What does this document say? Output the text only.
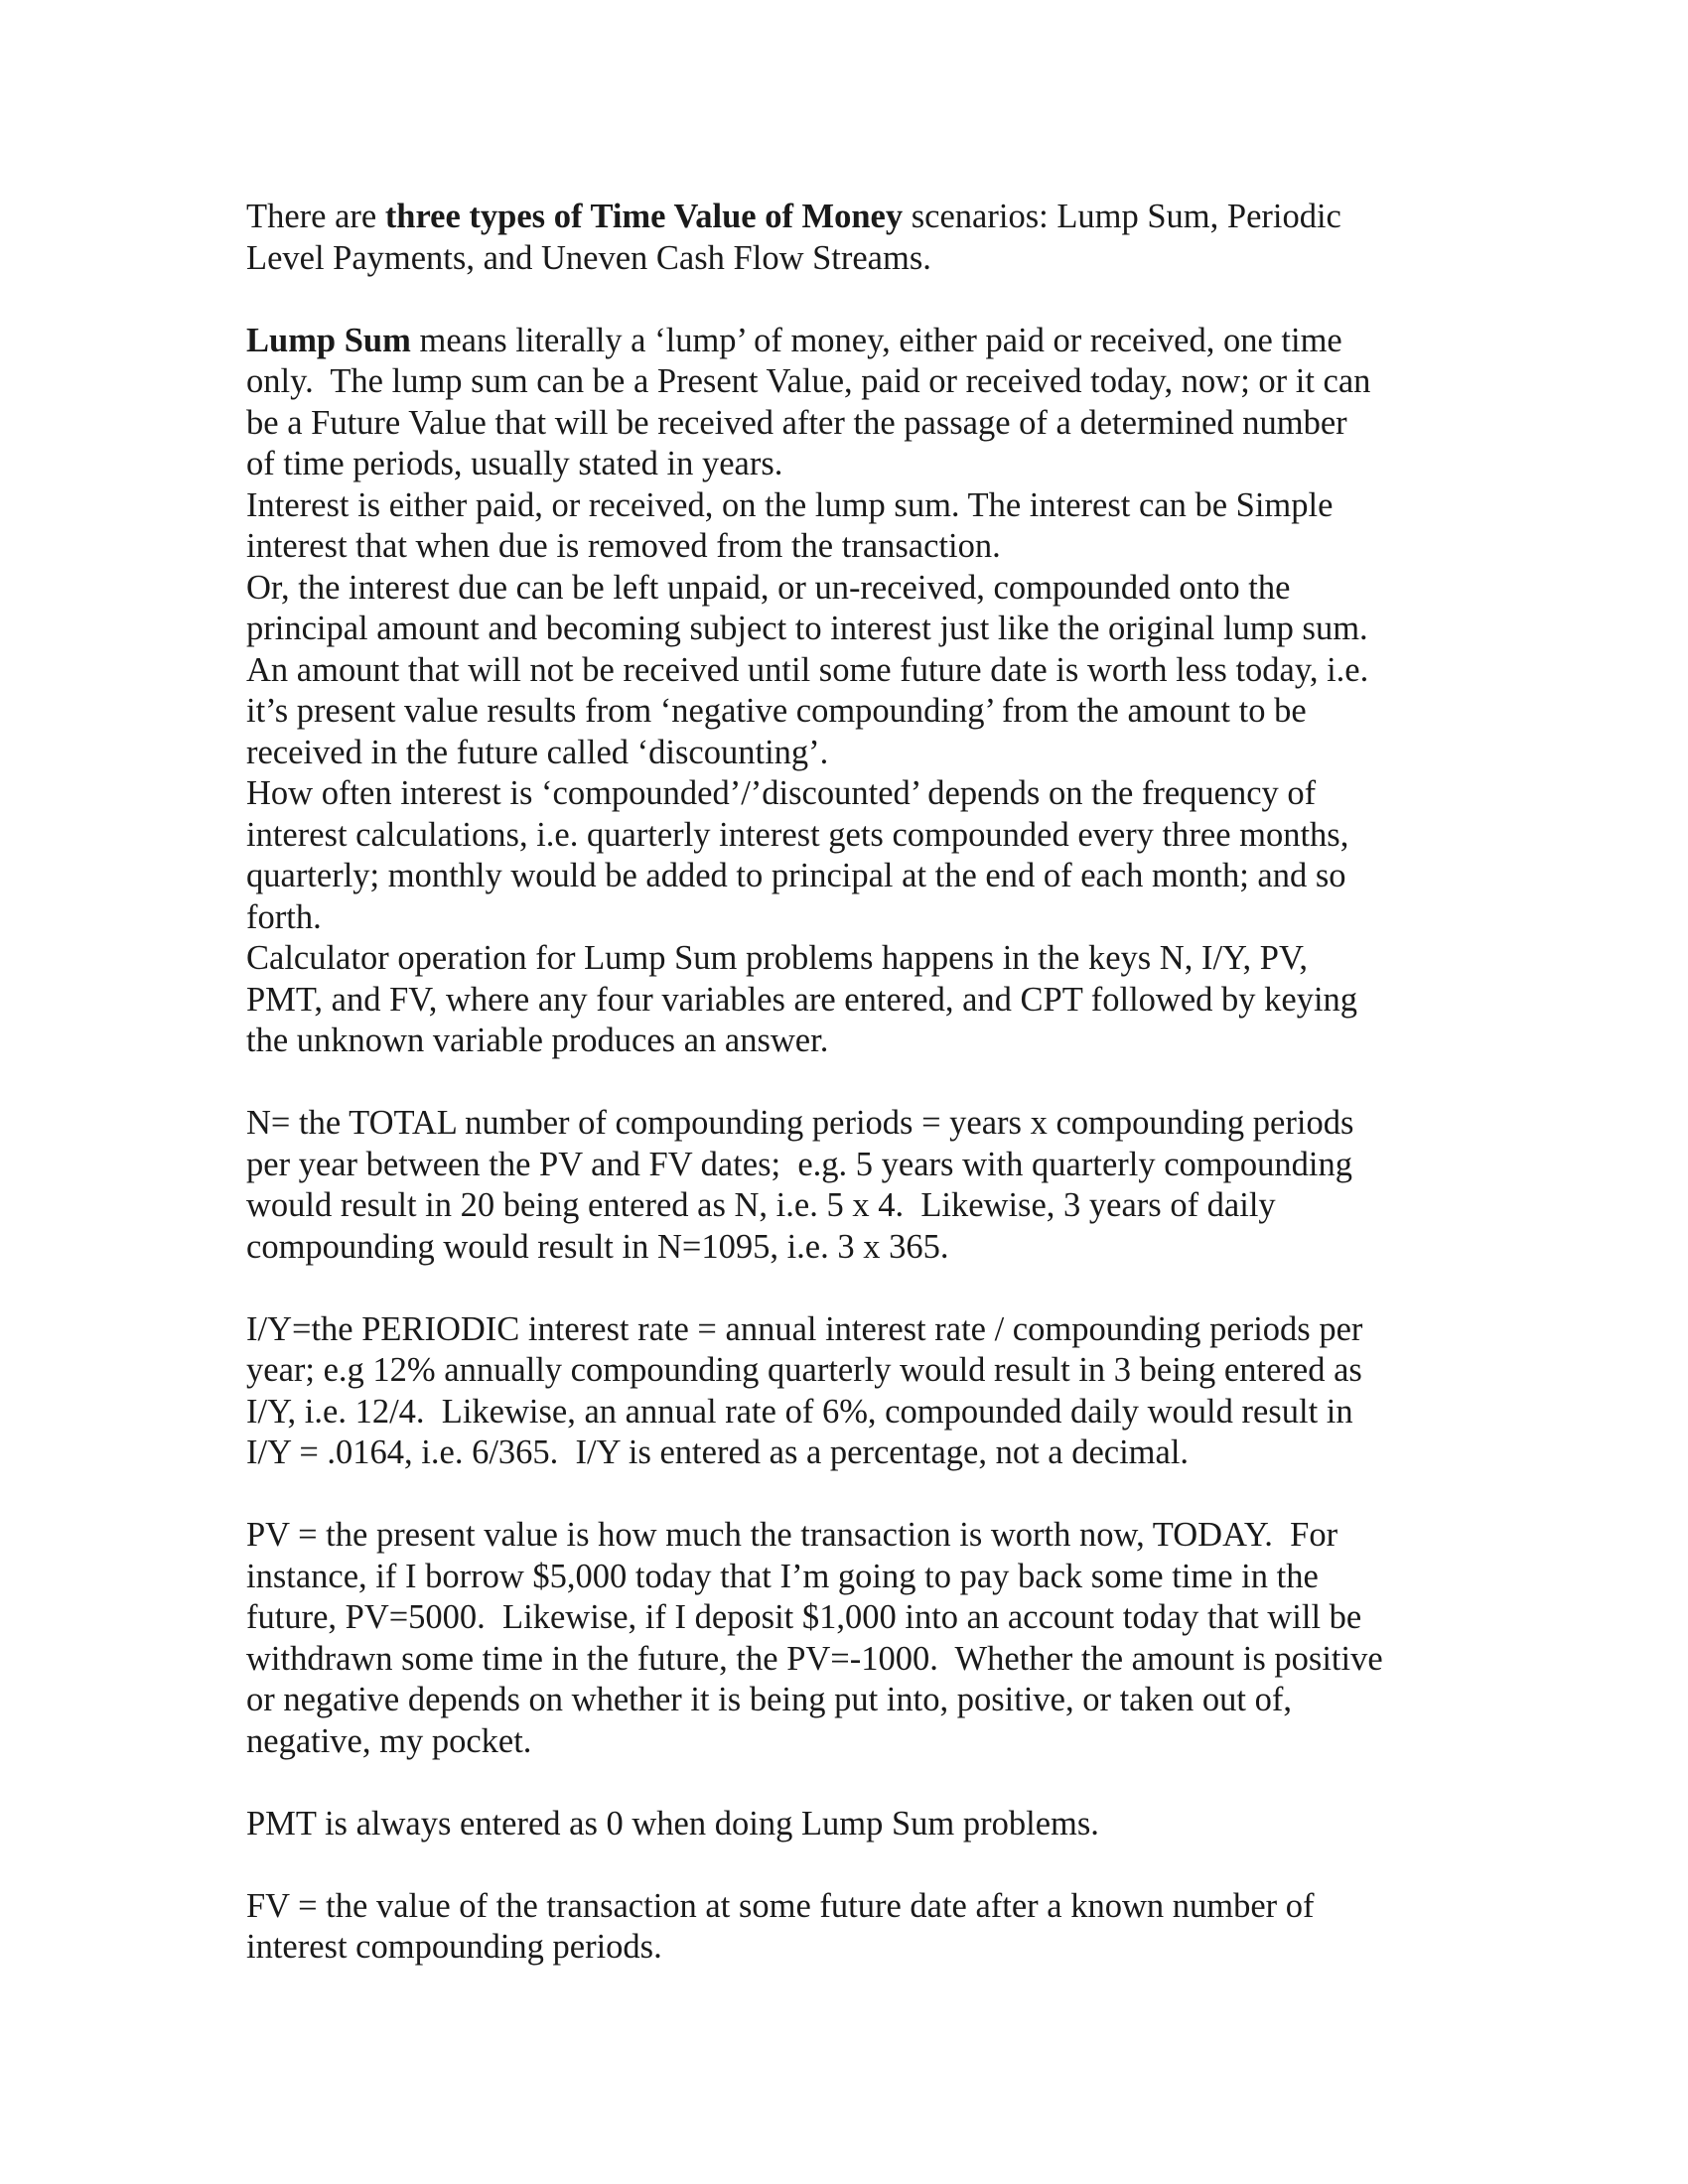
There are three types of Time Value of Money scenarios: Lump Sum, Periodic
Level Payments, and Uneven Cash Flow Streams.
Lump Sum means literally a ‘lump’ of money, either paid or received, one time
only.  The lump sum can be a Present Value, paid or received today, now; or it can
be a Future Value that will be received after the passage of a determined number
of time periods, usually stated in years.
Interest is either paid, or received, on the lump sum. The interest can be Simple
interest that when due is removed from the transaction.
Or, the interest due can be left unpaid, or un-received, compounded onto the
principal amount and becoming subject to interest just like the original lump sum.
An amount that will not be received until some future date is worth less today, i.e.
it’s present value results from ‘negative compounding’ from the amount to be
received in the future called ‘discounting’.
How often interest is ‘compounded’/’discounted’ depends on the frequency of
interest calculations, i.e. quarterly interest gets compounded every three months,
quarterly; monthly would be added to principal at the end of each month; and so
forth.
Calculator operation for Lump Sum problems happens in the keys N, I/Y, PV,
PMT, and FV, where any four variables are entered, and CPT followed by keying
the unknown variable produces an answer.
N= the TOTAL number of compounding periods = years x compounding periods
per year between the PV and FV dates;  e.g. 5 years with quarterly compounding
would result in 20 being entered as N, i.e. 5 x 4.  Likewise, 3 years of daily
compounding would result in N=1095, i.e. 3 x 365.
I/Y=the PERIODIC interest rate = annual interest rate / compounding periods per
year; e.g 12% annually compounding quarterly would result in 3 being entered as
I/Y, i.e. 12/4.  Likewise, an annual rate of 6%, compounded daily would result in
I/Y = .0164, i.e. 6/365.  I/Y is entered as a percentage, not a decimal.
PV = the present value is how much the transaction is worth now, TODAY.  For
instance, if I borrow $5,000 today that I’m going to pay back some time in the
future, PV=5000.  Likewise, if I deposit $1,000 into an account today that will be
withdrawn some time in the future, the PV=-1000.  Whether the amount is positive
or negative depends on whether it is being put into, positive, or taken out of,
negative, my pocket.
PMT is always entered as 0 when doing Lump Sum problems.
FV = the value of the transaction at some future date after a known number of
interest compounding periods.
